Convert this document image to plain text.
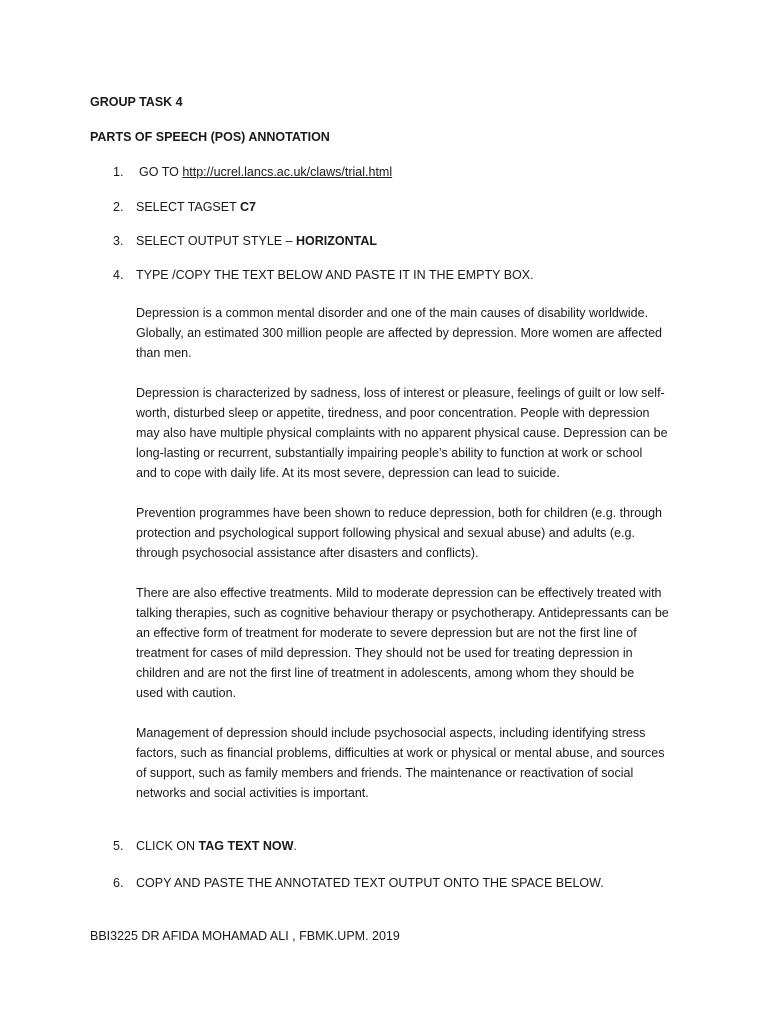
GROUP TASK 4
PARTS OF SPEECH (POS) ANNOTATION
1. GO TO http://ucrel.lancs.ac.uk/claws/trial.html
2. SELECT TAGSET C7
3. SELECT OUTPUT STYLE – HORIZONTAL
4. TYPE /COPY THE TEXT BELOW AND PASTE IT IN THE EMPTY BOX.

Depression is a common mental disorder and one of the main causes of disability worldwide.

Globally, an estimated 300 million people are affected by depression. More women are affected

than men.

Depression is characterized by sadness, loss of interest or pleasure, feelings of guilt or low self-

worth, disturbed sleep or appetite, tiredness, and poor concentration. People with depression

may also have multiple physical complaints with no apparent physical cause. Depression can be

long-lasting or recurrent, substantially impairing people’s ability to function at work or school

and to cope with daily life. At its most severe, depression can lead to suicide.

Prevention programmes have been shown to reduce depression, both for children (e.g. through

protection and psychological support following physical and sexual abuse) and adults (e.g.

through psychosocial assistance after disasters and conflicts).

There are also effective treatments. Mild to moderate depression can be effectively treated with

talking therapies, such as cognitive behaviour therapy or psychotherapy. Antidepressants can be

an effective form of treatment for moderate to severe depression but are not the first line of

treatment for cases of mild depression. They should not be used for treating depression in

children and are not the first line of treatment in adolescents, among whom they should be

used with caution.

Management of depression should include psychosocial aspects, including identifying stress

factors, such as financial problems, difficulties at work or physical or mental abuse, and sources

of support, such as family members and friends. The maintenance or reactivation of social

networks and social activities is important.

5. CLICK ON TAG TEXT NOW.
6. COPY AND PASTE THE ANNOTATED TEXT OUTPUT ONTO THE SPACE BELOW.
BBI3225 DR AFIDA MOHAMAD ALI , FBMK.UPM. 2019
